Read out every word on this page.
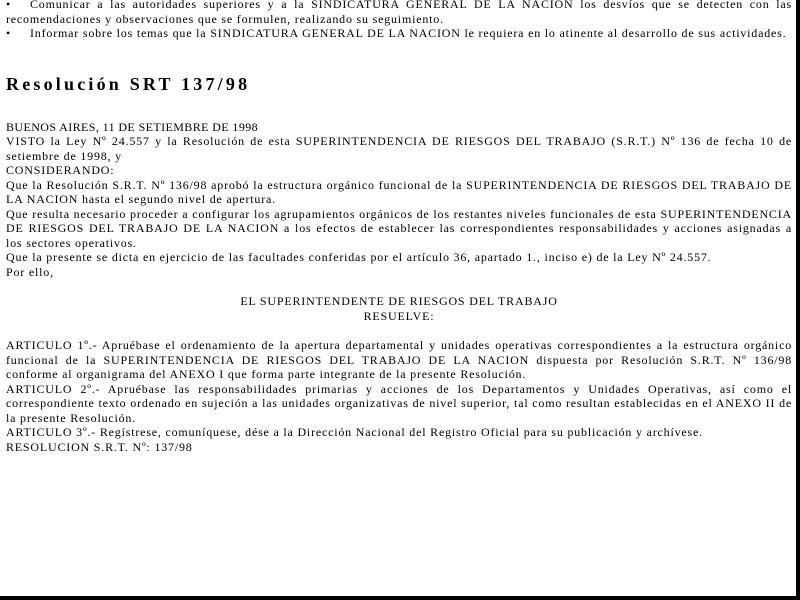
• Comunicar a las autoridades superiores y a la SINDICATURA GENERAL DE LA NACION los desvíos que se detecten con las recomendaciones y observaciones que se formulen, realizando su seguimiento.

• Informar sobre los temas que la SINDICATURA GENERAL DE LA NACION le requiera en lo atinente al desarrollo de sus actividades.

Resolución SRT 137/98

BUENOS AIRES, 11 DE SETIEMBRE DE 1998

VISTO la Ley Nº 24.557 y la Resolución de esta SUPERINTENDENCIA DE RIESGOS DEL TRABAJO (S.R.T.) Nº 136 de fecha 10 de setiembre de 1998, y

CONSIDERANDO:

Que la Resolución S.R.T. Nº 136/98 aprobó la estructura orgánico funcional de la SUPERINTENDENCIA DE RIESGOS DEL TRABAJO DE LA NACION hasta el segundo nivel de apertura.

Que resulta necesario proceder a configurar los agrupamientos orgánicos de los restantes niveles funcionales de esta SUPERINTENDENCIA DE RIESGOS DEL TRABAJO DE LA NACION a los efectos de establecer las correspondientes responsabilidades y acciones asignadas a los sectores operativos.

Que la presente se dicta en ejercicio de las facultades conferidas por el artículo 36, apartado 1., inciso e) de la Ley Nº 24.557.

Por ello,

EL SUPERINTENDENTE DE RIESGOS DEL TRABAJO

RESUELVE:

ARTICULO 1º.- Apruébase el ordenamiento de la apertura departamental y unidades operativas correspondientes a la estructura orgánico funcional de la SUPERINTENDENCIA DE RIESGOS DEL TRABAJO DE LA NACION dispuesta por Resolución S.R.T. Nº 136/98 conforme al organigrama del ANEXO I que forma parte integrante de la presente Resolución.

ARTICULO 2º.- Apruébase las responsabilidades primarias y acciones de los Departamentos y Unidades Operativas, así como el correspondiente texto ordenado en sujeción a las unidades organizativas de nivel superior, tal como resultan establecidas en el ANEXO II de la presente Resolución.

ARTICULO 3º.- Regístrese, comuníquese, dése a la Dirección Nacional del Registro Oficial para su publicación y archívese.

RESOLUCION S.R.T. Nº: 137/98
